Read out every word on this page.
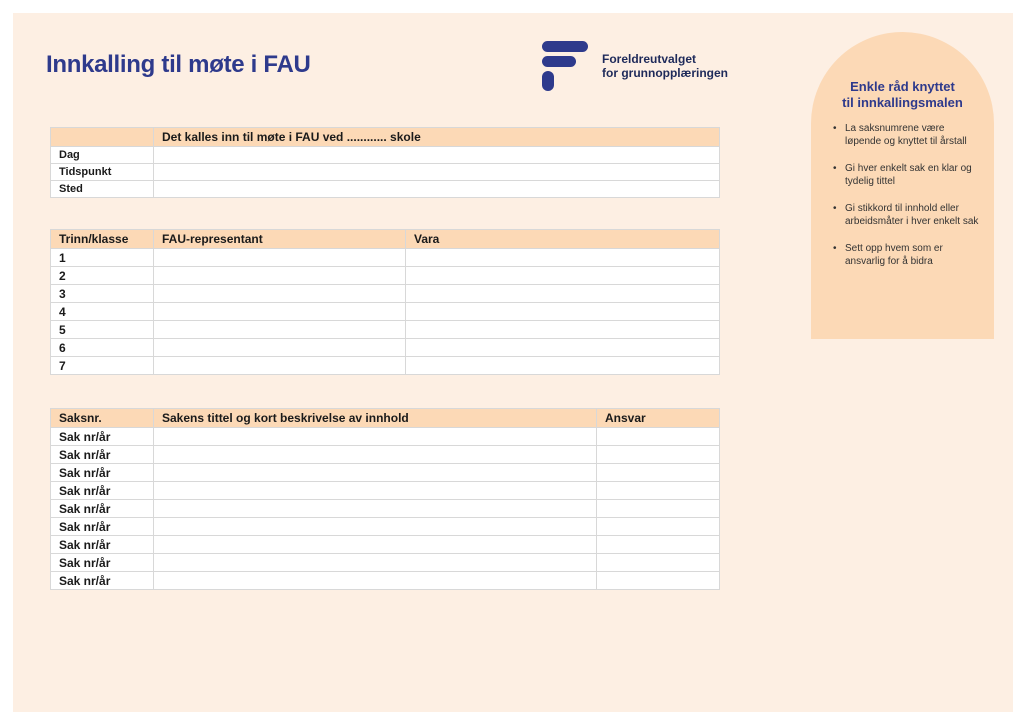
Innkalling til møte i FAU	Foreldreutvalget
for grunnopplæringen
	Det kalles inn til møte i FAU ved ............ skole
Dag	
Tidspunkt	
Sted	
Trinn/klasse	FAU-representant	Vara
1		
2		
3		
4		
5		
6		
7		
Saksnr.	Sakens tittel og kort beskrivelse av innhold	Ansvar
Sak nr/år		
Sak nr/år		
Sak nr/år		
Sak nr/år		
Sak nr/år		
Sak nr/år		
Sak nr/år		
Sak nr/år		
Sak nr/år		
Enkle råd knyttet
til innkallingsmalen
• La saksnumrene være løpende og knyttet til årstall
• Gi hver enkelt sak en klar og tydelig tittel
• Gi stikkord til innhold eller arbeidsmåter i hver enkelt sak
• Sett opp hvem som er ansvarlig for å bidra
